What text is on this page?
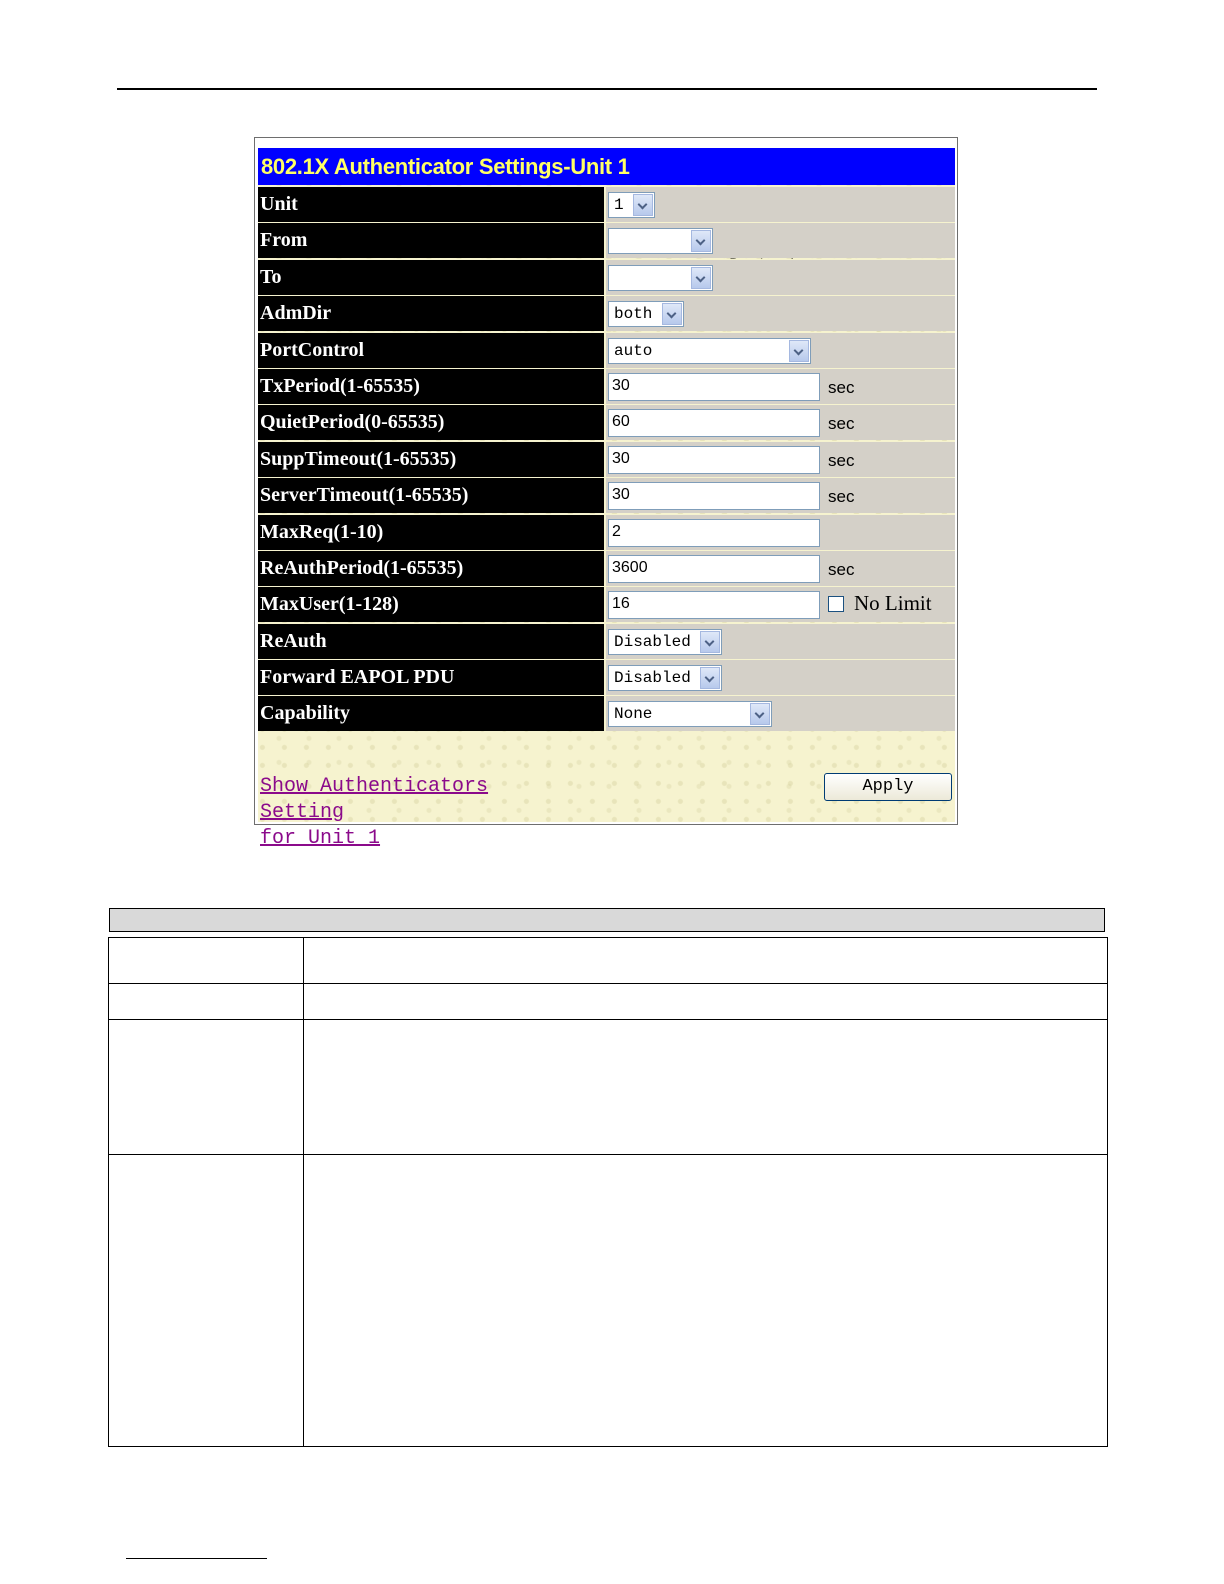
802.1X Authenticator Settings-Unit 1
Unit	1
From

To

AdmDir	both
PortControl	auto
TxPeriod(1-65535)	30	sec
QuietPeriod(0-65535)	60	sec
SuppTimeout(1-65535)	30	sec
ServerTimeout(1-65535)	30	sec
MaxReq(1-10)	2
ReAuthPeriod(1-65535)	3600	sec
MaxUser(1-128)	16	No Limit
ReAuth	Disabled
Forward EAPOL PDU	Disabled
Capability	None
Show Authenticators Setting
for Unit 1
Apply
